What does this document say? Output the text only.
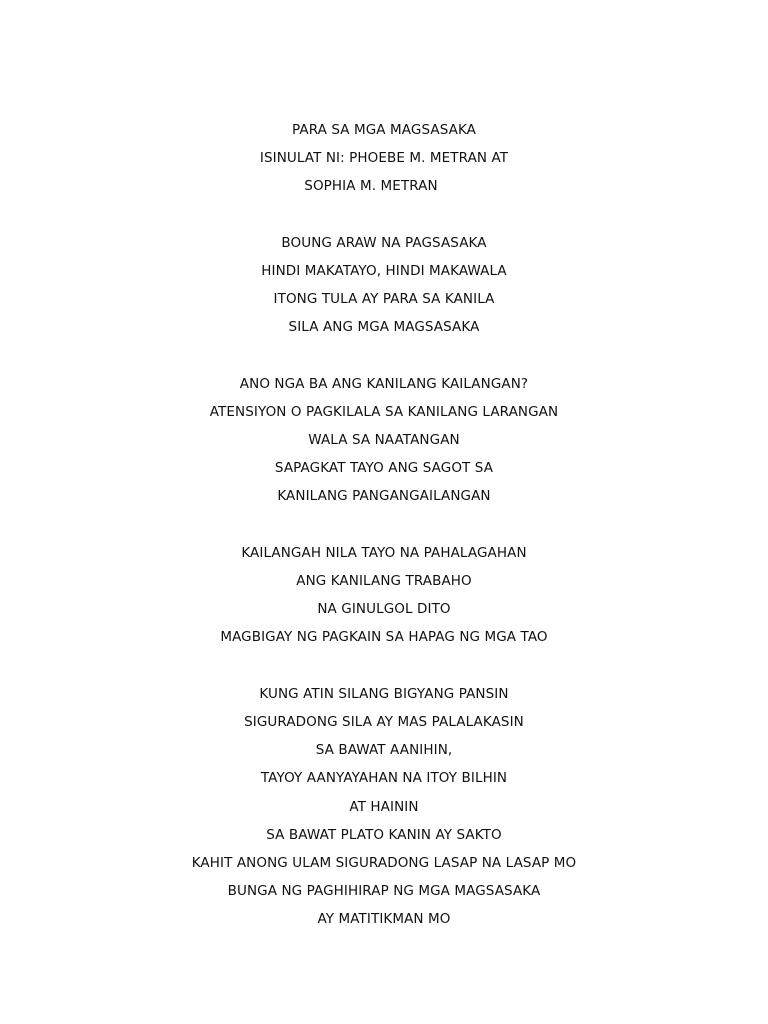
PARA SA MGA MAGSASAKA
ISINULAT NI: PHOEBE M. METRAN AT
SOPHIA M. METRAN
BOUNG ARAW NA PAGSASAKA
HINDI MAKATAYO, HINDI MAKAWALA
ITONG TULA AY PARA SA KANILA
SILA ANG MGA MAGSASAKA
ANO NGA BA ANG KANILANG KAILANGAN?
ATENSIYON O PAGKILALA SA KANILANG LARANGAN
WALA SA NAATANGAN
SAPAGKAT TAYO ANG SAGOT SA
KANILANG PANGANGAILANGAN
KAILANGAH NILA TAYO NA PAHALAGAHAN
ANG KANILANG TRABAHO
NA GINULGOL DITO
MAGBIGAY NG PAGKAIN SA HAPAG NG MGA TAO
KUNG ATIN SILANG BIGYANG PANSIN
SIGURADONG SILA AY MAS PALALAKASIN
SA BAWAT AANIHIN,
TAYOY AANYAYAHAN NA ITOY BILHIN
AT HAININ
SA BAWAT PLATO KANIN AY SAKTO
KAHIT ANONG ULAM SIGURADONG LASAP NA LASAP MO
BUNGA NG PAGHIHIRAP NG MGA MAGSASAKA
AY MATITIKMAN MO
